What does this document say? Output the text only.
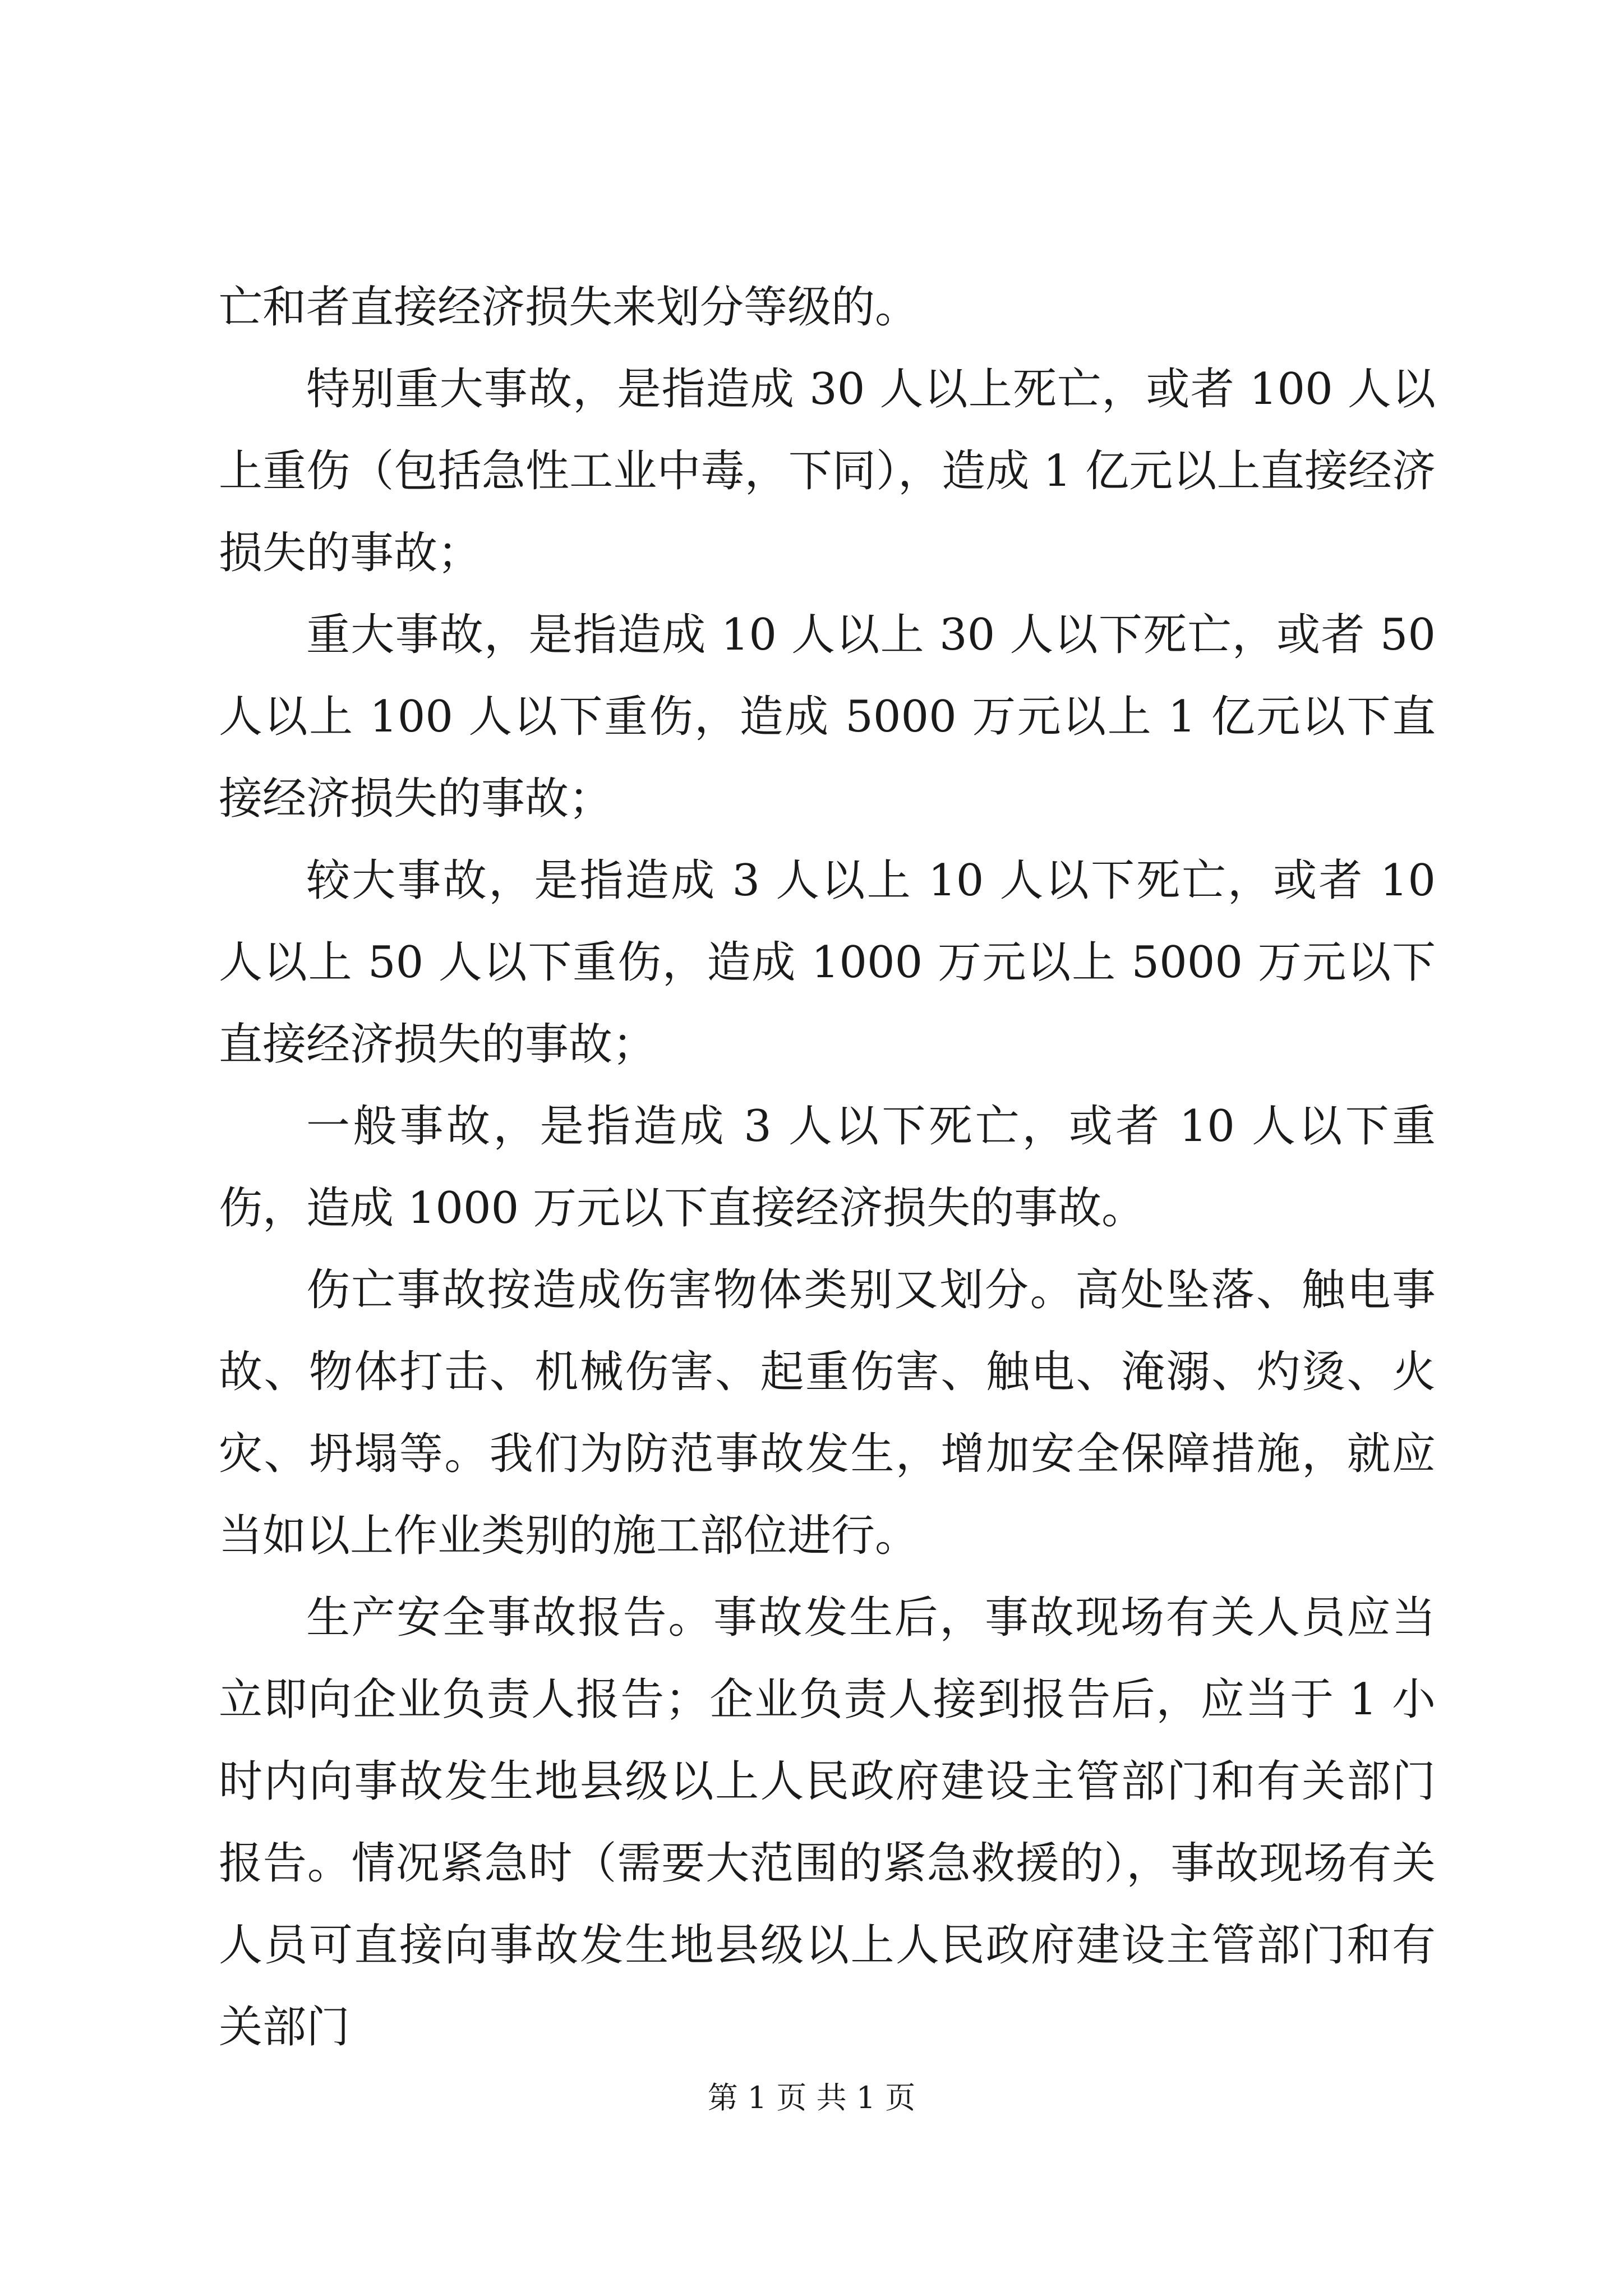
亡和者直接经济损失来划分等级的。

特别重大事故，是指造成 30 人以上死亡，或者 100 人以上重伤（包括急性工业中毒，下同），造成 1 亿元以上直接经济损失的事故；

重大事故，是指造成 10 人以上 30 人以下死亡，或者 50 人以上 100 人以下重伤，造成 5000 万元以上 1 亿元以下直接经济损失的事故；

较大事故，是指造成 3 人以上 10 人以下死亡，或者 10 人以上 50 人以下重伤，造成 1000 万元以上 5000 万元以下直接经济损失的事故；

一般事故，是指造成 3 人以下死亡，或者 10 人以下重伤，造成 1000 万元以下直接经济损失的事故。

伤亡事故按造成伤害物体类别又划分。高处坠落、触电事故、物体打击、机械伤害、起重伤害、触电、淹溺、灼烫、火灾、坍塌等。我们为防范事故发生，增加安全保障措施，就应当如以上作业类别的施工部位进行。

生产安全事故报告。事故发生后，事故现场有关人员应当立即向企业负责人报告；企业负责人接到报告后，应当于 1 小时内向事故发生地县级以上人民政府建设主管部门和有关部门报告。情况紧急时（需要大范围的紧急救援的），事故现场有关人员可直接向事故发生地县级以上人民政府建设主管部门和有关部门

第 1 页 共 1 页
